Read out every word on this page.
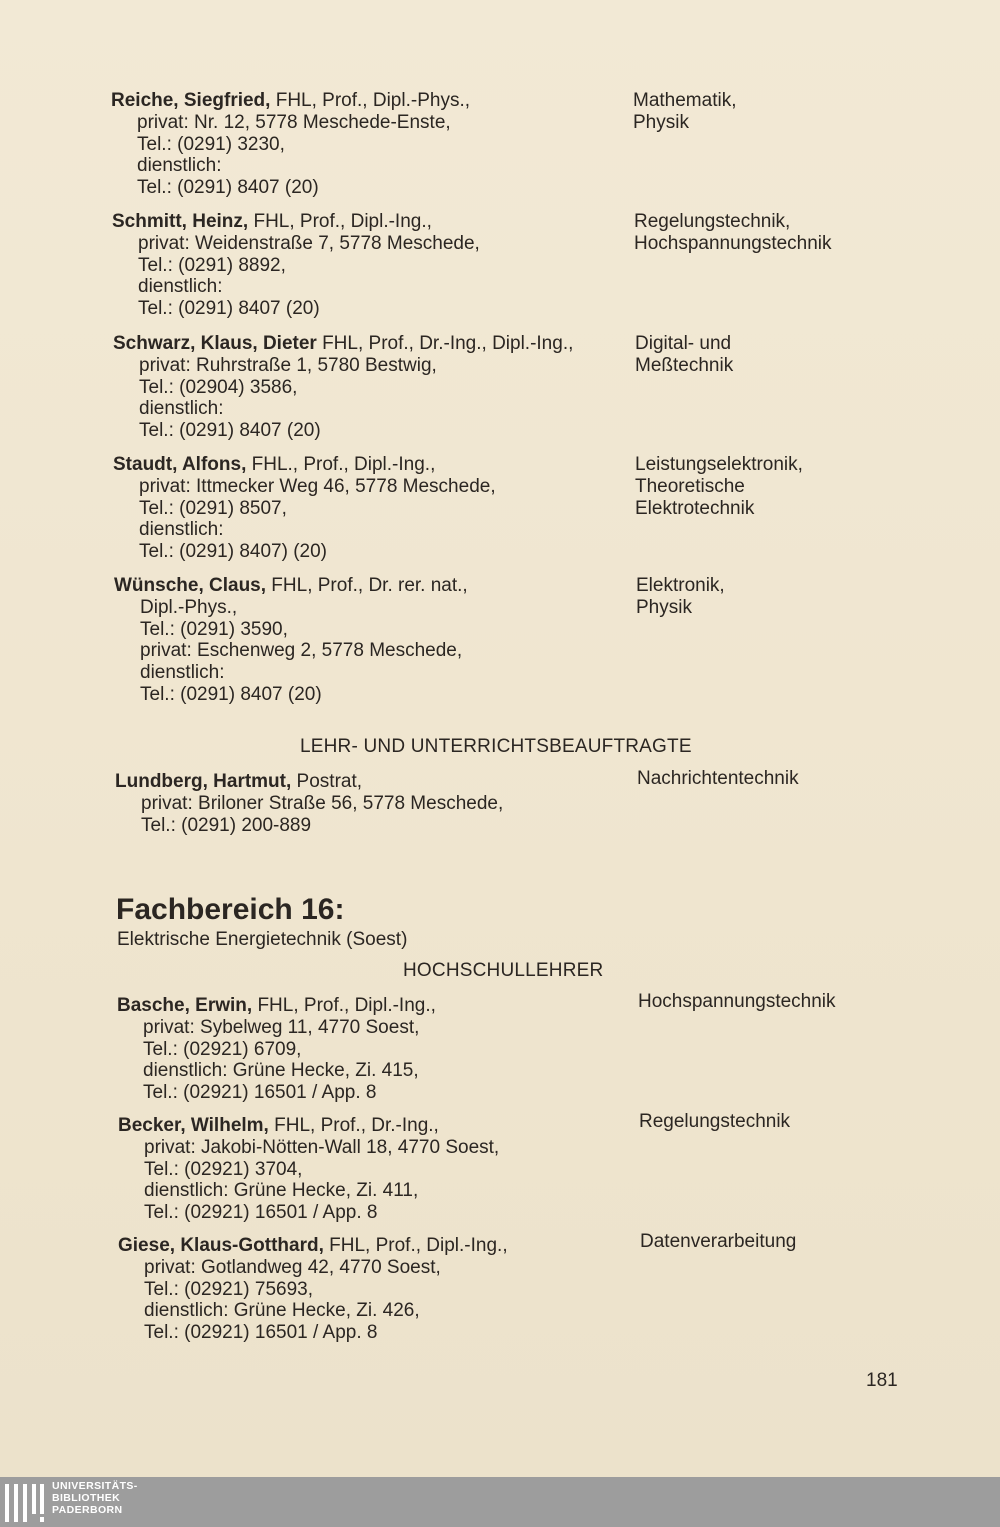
Reiche, Siegfried, FHL, Prof., Dipl.-Phys.,
privat: Nr. 12, 5778 Meschede-Enste,
Tel.: (0291) 3230,
dienstlich:
Tel.: (0291) 8407 (20)
Mathematik,
Physik
Schmitt, Heinz, FHL, Prof., Dipl.-Ing.,
privat: Weidenstraße 7, 5778 Meschede,
Tel.: (0291) 8892,
dienstlich:
Tel.: (0291) 8407 (20)
Regelungstechnik,
Hochspannungstechnik
Schwarz, Klaus, Dieter FHL, Prof., Dr.-Ing., Dipl.-Ing.,
privat: Ruhrstraße 1, 5780 Bestwig,
Tel.: (02904) 3586,
dienstlich:
Tel.: (0291) 8407 (20)
Digital- und
Meßtechnik
Staudt, Alfons, FHL., Prof., Dipl.-Ing.,
privat: Ittmecker Weg 46, 5778 Meschede,
Tel.: (0291) 8507,
dienstlich:
Tel.: (0291) 8407) (20)
Leistungselektronik,
Theoretische
Elektrotechnik
Wünsche, Claus, FHL, Prof., Dr. rer. nat.,
Dipl.-Phys.,
Tel.: (0291) 3590,
privat: Eschenweg 2, 5778 Meschede,
dienstlich:
Tel.: (0291) 8407 (20)
Elektronik,
Physik
LEHR- UND UNTERRICHTSBEAUFTRAGTE
Lundberg, Hartmut, Postrat,
privat: Briloner Straße 56, 5778 Meschede,
Tel.: (0291) 200-889
Nachrichtentechnik
Fachbereich 16:
Elektrische Energietechnik (Soest)
HOCHSCHULLEHRER
Basche, Erwin, FHL, Prof., Dipl.-Ing.,
privat: Sybelweg 11, 4770 Soest,
Tel.: (02921) 6709,
dienstlich: Grüne Hecke, Zi. 415,
Tel.: (02921) 16501 / App. 8
Hochspannungstechnik
Becker, Wilhelm, FHL, Prof., Dr.-Ing.,
privat: Jakobi-Nötten-Wall 18, 4770 Soest,
Tel.: (02921) 3704,
dienstlich: Grüne Hecke, Zi. 411,
Tel.: (02921) 16501 / App. 8
Regelungstechnik
Giese, Klaus-Gotthard, FHL, Prof., Dipl.-Ing.,
privat: Gotlandweg 42, 4770 Soest,
Tel.: (02921) 75693,
dienstlich: Grüne Hecke, Zi. 426,
Tel.: (02921) 16501 / App. 8
Datenverarbeitung
181
UNIVERSITÄTS-
BIBLIOTHEK
PADERBORN
